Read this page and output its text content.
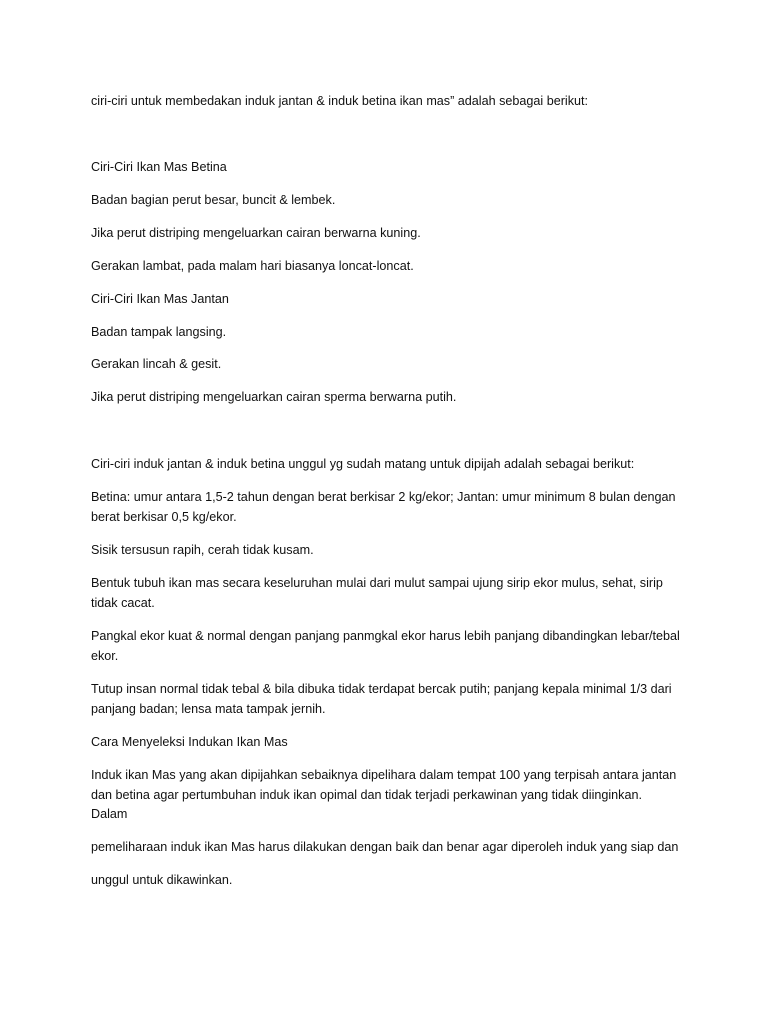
ciri-ciri untuk membedakan induk jantan & induk betina ikan mas” adalah sebagai berikut:

Ciri-Ciri Ikan Mas Betina

Badan bagian perut besar, buncit & lembek.

Jika perut distriping mengeluarkan cairan berwarna kuning.

Gerakan lambat, pada malam hari biasanya loncat-loncat.

Ciri-Ciri Ikan Mas Jantan

Badan tampak langsing.

Gerakan lincah & gesit.

Jika perut distriping mengeluarkan cairan sperma berwarna putih.

Ciri-ciri induk jantan & induk betina unggul yg sudah matang untuk dipijah adalah sebagai berikut:

Betina: umur antara 1,5-2 tahun dengan berat berkisar 2 kg/ekor; Jantan: umur minimum 8 bulan dengan berat berkisar 0,5 kg/ekor.

Sisik tersusun rapih, cerah tidak kusam.

Bentuk tubuh ikan mas secara keseluruhan mulai dari mulut sampai ujung sirip ekor mulus, sehat, sirip tidak cacat.

Pangkal ekor kuat & normal dengan panjang panmgkal ekor harus lebih panjang dibandingkan lebar/tebal ekor.

Tutup insan normal tidak tebal & bila dibuka tidak terdapat bercak putih; panjang kepala minimal 1/3 dari panjang badan; lensa mata tampak jernih.

Cara Menyeleksi Indukan Ikan Mas

Induk ikan Mas yang akan dipijahkan sebaiknya dipelihara dalam tempat 100 yang terpisah antara jantan dan betina agar pertumbuhan induk ikan opimal dan tidak terjadi perkawinan yang tidak diinginkan. Dalam

pemeliharaan induk ikan Mas harus dilakukan dengan baik dan benar agar diperoleh induk yang siap dan

unggul untuk dikawinkan.
